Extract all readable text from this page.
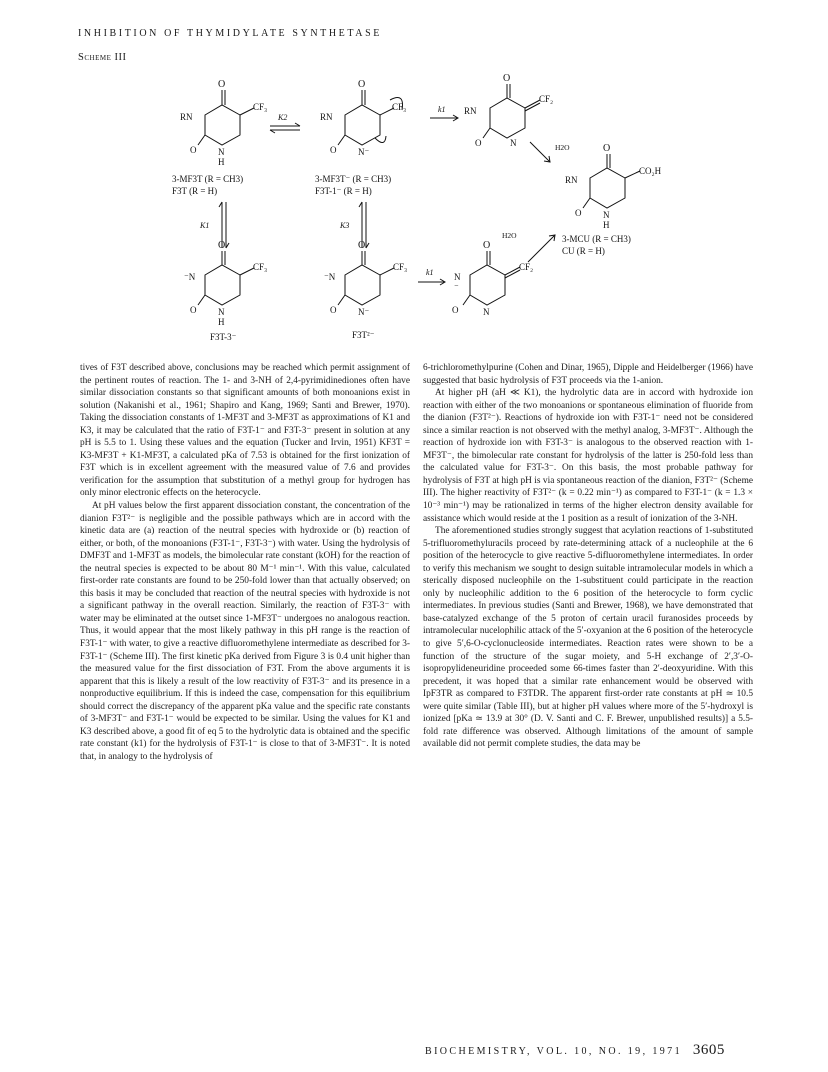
INHIBITION OF THYMIDYLATE SYNTHETASE
Scheme III
O
CF₃
RN
O N
H
3-MF3T (R = CH3)
F3T (R = H)
K2
O
CF₃
RN
O N⁻
3-MF3T⁻ (R = CH3)
F3T-1⁻ (R = H)
k1
O
CF₂
RN
O	N	H2O	O
CO₂H
RN
O N
H
3-MCU (R = CH3)
CU (R = H)
K1	K3
O
CF₃
⁻N
O N
H
F3T-3⁻
O
CF₃
⁻N
O N⁻
F3T²⁻
k1
O
CF₂
N
⁻
O	N
H2O

tives of F3T described above, conclusions may be reached which permit assignment of the pertinent routes of reaction. The 1- and 3-NH of 2,4-pyrimidinediones often have similar dissociation constants so that significant amounts of both monoanions exist in solution (Nakanishi et al., 1961; Shapiro and Kang, 1969; Santi and Brewer, 1970). Taking the dissociation constants of 1-MF3T and 3-MF3T as approximations of K1 and K3, it may be calculated that the ratio of F3T-1⁻ and F3T-3⁻ present in solution at any pH is 5.5 to 1. Using these values and the equation (Tucker and Irvin, 1951) KF3T = K3-MF3T + K1-MF3T, a calculated pKa of 7.53 is obtained for the first ionization of F3T which is in excellent agreement with the measured value of 7.6 and provides verification for the assumption that substitution of a methyl group for hydrogen has only minor electronic effects on the heterocycle.

At pH values below the first apparent dissociation constant, the concentration of the dianion F3T²⁻ is negligible and the possible pathways which are in accord with the kinetic data are (a) reaction of the neutral species with hydroxide or (b) reaction of either, or both, of the monoanions (F3T-1⁻, F3T-3⁻) with water. Using the hydrolysis of DMF3T and 1-MF3T as models, the bimolecular rate constant (kOH) for the reaction of the neutral species is expected to be about 80 M⁻¹ min⁻¹. With this value, calculated first-order rate constants are found to be 250-fold lower than that actually observed; on this basis it may be concluded that reaction of the neutral species with hydroxide is not a significant pathway in the overall reaction. Similarly, the reaction of F3T-3⁻ with water may be eliminated at the outset since 1-MF3T⁻ undergoes no analogous reaction. Thus, it would appear that the most likely pathway in this pH range is the reaction of F3T-1⁻ with water, to give a reactive difluoromethylene intermediate as described for 3-F3T-1⁻ (Scheme III). The first kinetic pKa derived from Figure 3 is 0.4 unit higher than the measured value for the first dissociation of F3T. From the above arguments it is apparent that this is likely a result of the low reactivity of F3T-3⁻ and its presence in a nonproductive equilibrium. If this is indeed the case, compensation for this equilibrium should correct the discrepancy of the apparent pKa value and the specific rate constants of 3-MF3T⁻ and F3T-1⁻ would be expected to be similar. Using the values for K1 and K3 described above, a good fit of eq 5 to the hydrolytic data is obtained and the specific rate constant (k1) for the hydrolysis of F3T-1⁻ is close to that of 3-MF3T⁻. It is noted that, in analogy to the hydrolysis of

6-trichloromethylpurine (Cohen and Dinar, 1965), Dipple and Heidelberger (1966) have suggested that basic hydrolysis of F3T proceeds via the 1-anion.

At higher pH (aH ≪ K1), the hydrolytic data are in accord with hydroxide ion reaction with either of the two monoanions or spontaneous elimination of fluoride from the dianion (F3T²⁻). Reactions of hydroxide ion with F3T-1⁻ need not be considered since a similar reaction is not observed with the methyl analog, 3-MF3T⁻. Although the reaction of hydroxide ion with F3T-3⁻ is analogous to the observed reaction with 1-MF3T⁻, the bimolecular rate constant for hydrolysis of the latter is 250-fold less than the calculated value for F3T-3⁻. On this basis, the most probable pathway for hydrolysis of F3T at high pH is via spontaneous reaction of the dianion, F3T²⁻ (Scheme III). The higher reactivity of F3T²⁻ (k = 0.22 min⁻¹) as compared to F3T-1⁻ (k = 1.3 × 10⁻³ min⁻¹) may be rationalized in terms of the higher electron density available for assistance which would reside at the 1 position as a result of ionization of the 3-NH.

The aforementioned studies strongly suggest that acylation reactions of 1-substituted 5-trifluoromethyluracils proceed by rate-determining attack of a nucleophile at the 6 position of the heterocycle to give reactive 5-difluoromethylene intermediates. In order to verify this mechanism we sought to design suitable intramolecular models in which a sterically disposed nucleophile on the 1-substituent could participate in the reaction only by nucleophilic addition to the 6 position of the heterocycle to form cyclic intermediates. In previous studies (Santi and Brewer, 1968), we have demonstrated that base-catalyzed exchange of the 5 proton of certain uracil furanosides proceeds by intramolecular nucelophilic attack of the 5′-oxyanion at the 6 position of the heterocycle to give 5′,6-O-cyclonucleoside intermediates. Reaction rates were shown to be a function of the structure of the sugar moiety, and 5-H exchange of 2′,3′-O-isopropylideneuridine proceeded some 66-times faster than 2′-deoxyuridine. With this precedent, it was hoped that a similar rate enhancement would be observed with IpF3TR as compared to F3TDR. The apparent first-order rate constants at pH ≃ 10.5 were quite similar (Table III), but at higher pH values where more of the 5′-hydroxyl is ionized [pKa ≃ 13.9 at 30° (D. V. Santi and C. F. Brewer, unpublished results)] a 5.5-fold rate difference was observed. Although limitations of the amount of sample available did not permit complete studies, the data may be

BIOCHEMISTRY, VOL. 10, NO. 19, 1971 3605
